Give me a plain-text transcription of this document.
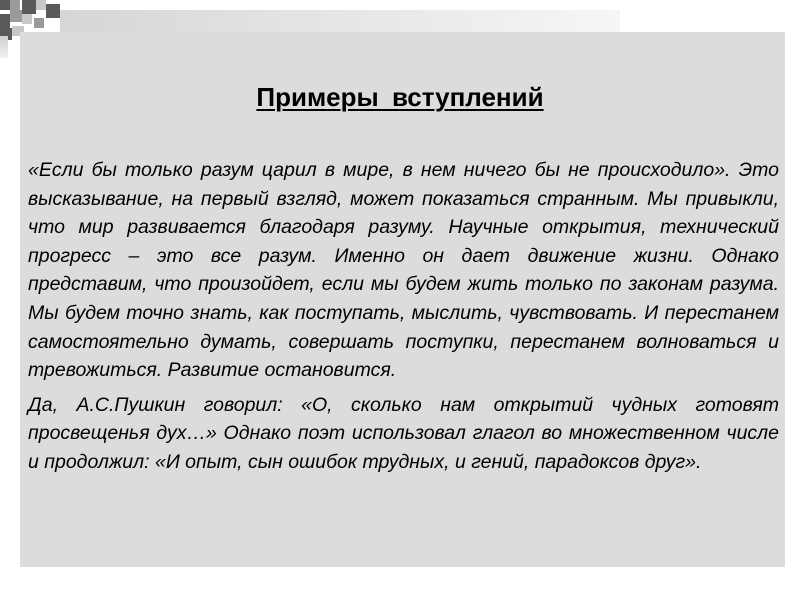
Примеры вступлений

«Если бы только разум царил в мире, в нем ничего бы не происходило». Это высказывание, на первый взгляд, может показаться странным. Мы привыкли, что мир развивается благодаря разуму. Научные открытия, технический прогресс – это все разум. Именно он дает движение жизни. Однако представим, что произойдет, если мы будем жить только по законам разума. Мы будем точно знать, как поступать, мыслить, чувствовать. И перестанем самостоятельно думать, совершать поступки, перестанем волноваться и тревожиться. Развитие остановится.

Да, А.С.Пушкин говорил: «О, сколько нам открытий чудных готовят просвещенья дух…» Однако поэт использовал глагол во множественном числе и продолжил: «И опыт, сын ошибок трудных, и гений, парадоксов друг».
